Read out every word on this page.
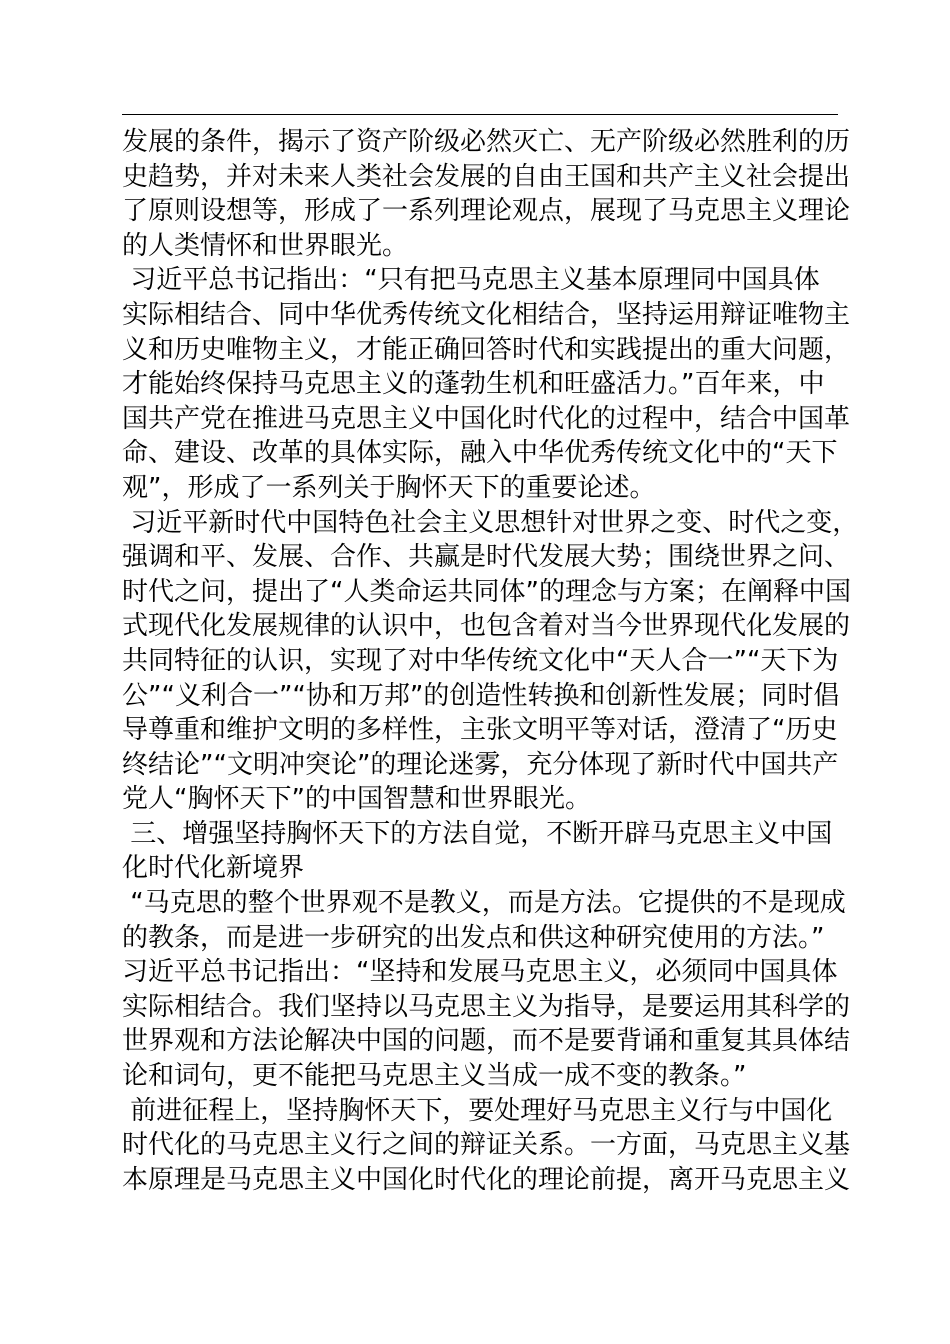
发展的条件，揭示了资产阶级必然灭亡、无产阶级必然胜利的历
史趋势，并对未来人类社会发展的自由王国和共产主义社会提出
了原则设想等，形成了一系列理论观点，展现了马克思主义理论
的人类情怀和世界眼光。
习近平总书记指出：“只有把马克思主义基本原理同中国具体
实际相结合、同中华优秀传统文化相结合，坚持运用辩证唯物主
义和历史唯物主义，才能正确回答时代和实践提出的重大问题，
才能始终保持马克思主义的蓬勃生机和旺盛活力。”百年来，中
国共产党在推进马克思主义中国化时代化的过程中，结合中国革
命、建设、改革的具体实际，融入中华优秀传统文化中的“天下
观”，形成了一系列关于胸怀天下的重要论述。
习近平新时代中国特色社会主义思想针对世界之变、时代之变，
强调和平、发展、合作、共赢是时代发展大势；围绕世界之问、
时代之问，提出了“人类命运共同体”的理念与方案；在阐释中国
式现代化发展规律的认识中，也包含着对当今世界现代化发展的
共同特征的认识，实现了对中华传统文化中“天人合一”“天下为
公”“义利合一”“协和万邦”的创造性转换和创新性发展；同时倡
导尊重和维护文明的多样性，主张文明平等对话，澄清了“历史
终结论”“文明冲突论”的理论迷雾，充分体现了新时代中国共产
党人“胸怀天下”的中国智慧和世界眼光。
三、增强坚持胸怀天下的方法自觉，不断开辟马克思主义中国
化时代化新境界
“马克思的整个世界观不是教义，而是方法。它提供的不是现成
的教条，而是进一步研究的出发点和供这种研究使用的方法。”
习近平总书记指出：“坚持和发展马克思主义，必须同中国具体
实际相结合。我们坚持以马克思主义为指导，是要运用其科学的
世界观和方法论解决中国的问题，而不是要背诵和重复其具体结
论和词句，更不能把马克思主义当成一成不变的教条。”
前进征程上，坚持胸怀天下，要处理好马克思主义行与中国化
时代化的马克思主义行之间的辩证关系。一方面，马克思主义基
本原理是马克思主义中国化时代化的理论前提，离开马克思主义
